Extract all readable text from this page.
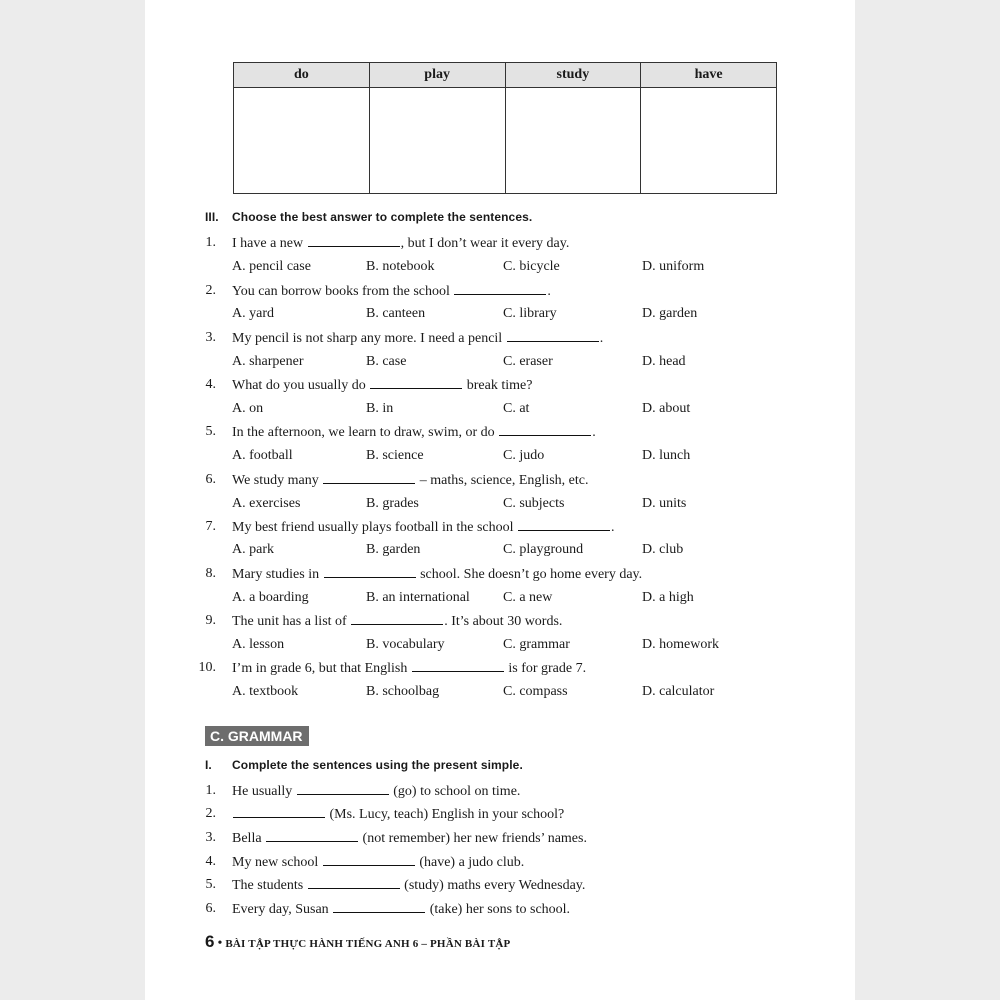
do	play	study	have

III. Choose the best answer to complete the sentences.
1. I have a new	, but I don’t wear it every day.
A. pencil case	B. notebook	C. bicycle	D. uniform
2. You can borrow books from the school	.
A. yard	B. canteen	C. library	D. garden
3. My pencil is not sharp any more. I need a pencil	.
A. sharpener	B. case	C. eraser	D. head
4. What do you usually do	break time?
A. on	B. in	C. at	D. about
5. In the afternoon, we learn to draw, swim, or do	.
A. football	B. science	C. judo	D. lunch
6. We study many	– maths, science, English, etc.
A. exercises	B. grades	C. subjects	D. units
7. My best friend usually plays football in the school	.
A. park	B. garden	C. playground	D. club
8. Mary studies in	school. She doesn’t go home every day.
A. a boarding	B. an international C. a new	D. a high
9. The unit has a list of	. It’s about 30 words.
A. lesson	B. vocabulary	C. grammar	D. homework
10. I’m in grade 6, but that English	is for grade 7.
A. textbook	B. schoolbag	C. compass	D. calculator
C. GRAMMAR
I. Complete the sentences using the present simple.
1. He usually	(go) to school on time.
2.	(Ms. Lucy, teach) English in your school?
3. Bella	(not remember) her new friends’ names.
4. My new school	(have) a judo club.
5. The students	(study) maths every Wednesday.
6. Every day, Susan	(take) her sons to school.
6 • BÀI TẬP THỰC HÀNH TIẾNG ANH 6 – PHẦN BÀI TẬP
